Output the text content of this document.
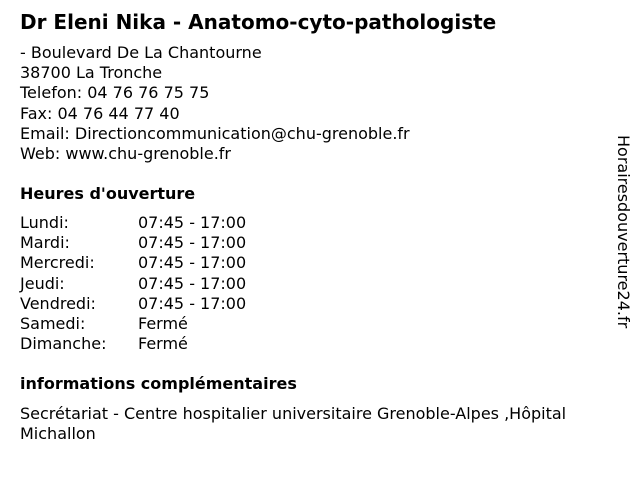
Dr Eleni Nika - Anatomo-cyto-pathologiste
- Boulevard De La Chantourne
38700 La Tronche
Telefon: 04 76 76 75 75
Fax: 04 76 44 77 40
Email: Directioncommunication@chu-grenoble.fr
Web: www.chu-grenoble.fr
Heures d'ouverture
Lundi:	07:45 - 17:00
Mardi:	07:45 - 17:00
Mercredi:	07:45 - 17:00
Jeudi:	07:45 - 17:00
Vendredi:	07:45 - 17:00
Samedi:	Fermé
Dimanche: Fermé
informations complémentaires
Secrétariat - Centre hospitalier universitaire Grenoble-Alpes ,Hôpital Michallon
Horairesdouverture24.fr
